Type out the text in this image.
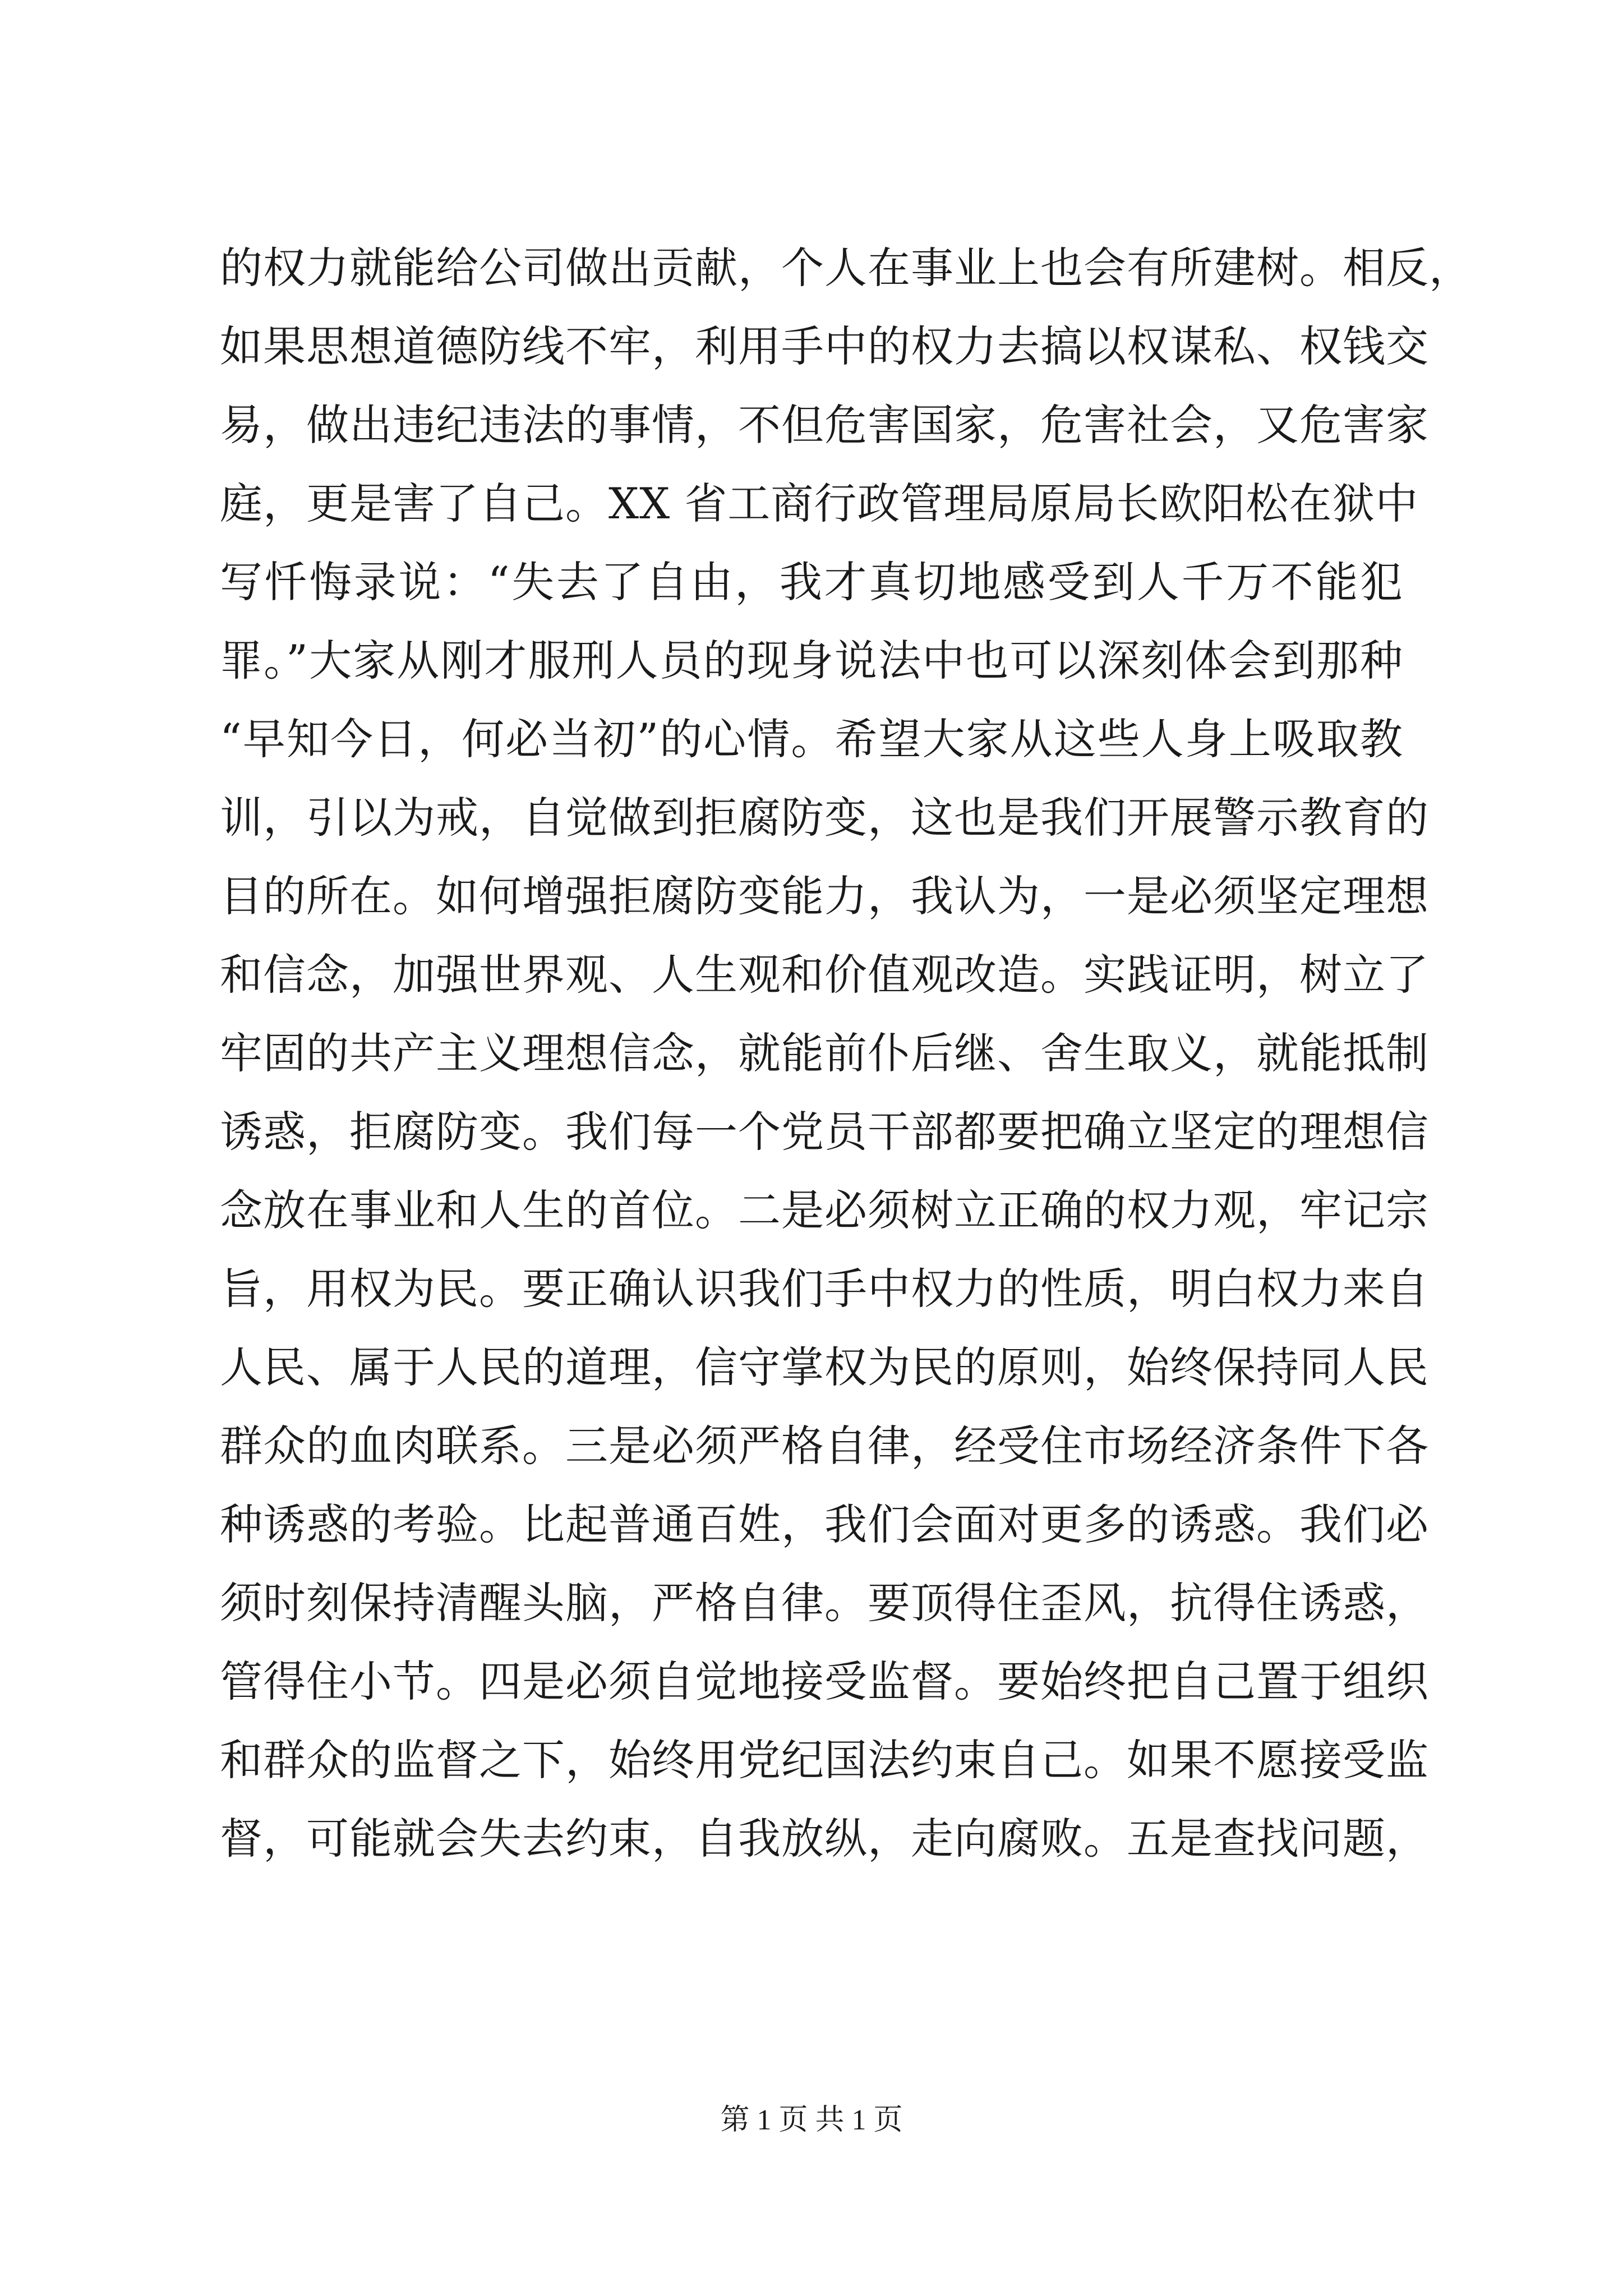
的权力就能给公司做出贡献，个人在事业上也会有所建树。相反，
如果思想道德防线不牢，利用手中的权力去搞以权谋私、权钱交
易，做出违纪违法的事情，不但危害国家，危害社会，又危害家
庭，更是害了自己。XX 省工商行政管理局原局长欧阳松在狱中
写忏悔录说：“失去了自由，我才真切地感受到人千万不能犯
罪。”大家从刚才服刑人员的现身说法中也可以深刻体会到那种
“早知今日，何必当初”的心情。希望大家从这些人身上吸取教
训，引以为戒，自觉做到拒腐防变，这也是我们开展警示教育的
目的所在。如何增强拒腐防变能力，我认为，一是必须坚定理想
和信念，加强世界观、人生观和价值观改造。实践证明，树立了
牢固的共产主义理想信念，就能前仆后继、舍生取义，就能抵制
诱惑，拒腐防变。我们每一个党员干部都要把确立坚定的理想信
念放在事业和人生的首位。二是必须树立正确的权力观，牢记宗
旨，用权为民。要正确认识我们手中权力的性质，明白权力来自
人民、属于人民的道理，信守掌权为民的原则，始终保持同人民
群众的血肉联系。三是必须严格自律，经受住市场经济条件下各
种诱惑的考验。比起普通百姓，我们会面对更多的诱惑。我们必
须时刻保持清醒头脑，严格自律。要顶得住歪风，抗得住诱惑，
管得住小节。四是必须自觉地接受监督。要始终把自己置于组织
和群众的监督之下，始终用党纪国法约束自己。如果不愿接受监
督，可能就会失去约束，自我放纵，走向腐败。五是查找问题，
第 1 页 共 1 页
